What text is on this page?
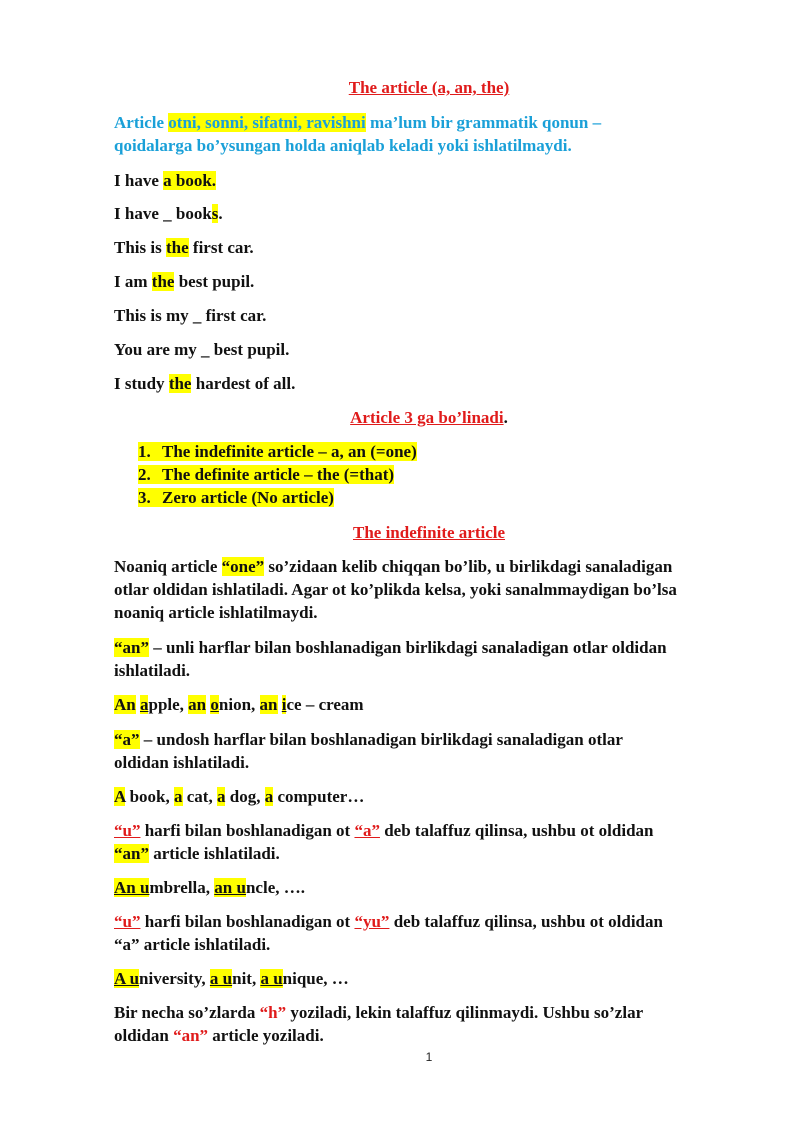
The article (a, an, the)
Article otni, sonni, sifatni, ravishni ma’lum bir grammatik qonun –
qoidalarga bo’ysungan holda aniqlab keladi yoki ishlatilmaydi.
I have a book.
I have _ books.
This is the first car.
I am the best pupil.
This is my _ first car.
You are my _ best pupil.
I study the hardest of all.
Article 3 ga bo’linadi.
1. The indefinite article – a, an (=one)
2. The definite article – the (=that)
3. Zero article (No article)
The indefinite article
Noaniq article “one” so’zidaan kelib chiqqan bo’lib, u birlikdagi sanaladigan
otlar oldidan ishlatiladi. Agar ot ko’plikda kelsa, yoki sanalmmaydigan bo’lsa
noaniq article ishlatilmaydi.
“an” – unli harflar bilan boshlanadigan birlikdagi sanaladigan otlar oldidan
ishlatiladi.
An apple, an onion, an ice – cream
“a” – undosh harflar bilan boshlanadigan birlikdagi sanaladigan otlar
oldidan ishlatiladi.
A book, a cat, a dog, a computer…
“u” harfi bilan boshlanadigan ot “a” deb talaffuz qilinsa, ushbu ot oldidan
“an” article ishlatiladi.
An umbrella, an uncle, ….
“u” harfi bilan boshlanadigan ot “yu” deb talaffuz qilinsa, ushbu ot oldidan
“a” article ishlatiladi.
A university, a unit, a unique, …
Bir necha so’zlarda “h” yoziladi, lekin talaffuz qilinmaydi. Ushbu so’zlar
oldidan “an” article yoziladi.
1
